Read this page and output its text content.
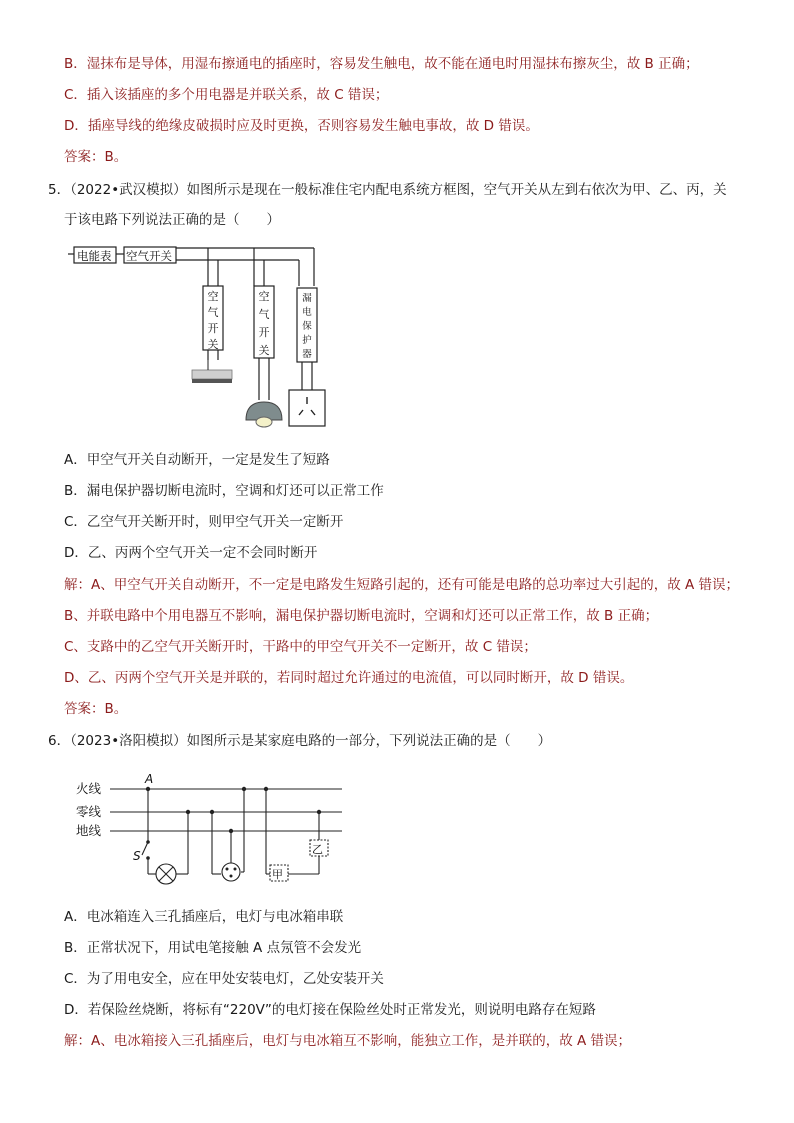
B．湿抹布是导体，用湿布擦通电的插座时，容易发生触电，故不能在通电时用湿抹布擦灰尘，故 B 正确；
C．插入该插座的多个用电器是并联关系，故 C 错误；
D．插座导线的绝缘皮破损时应及时更换，否则容易发生触电事故，故 D 错误。
答案：B。
5．（2022•武汉模拟）如图所示是现在一般标准住宅内配电系统方框图，空气开关从左到右依次为甲、乙、丙，关
于该电路下列说法正确的是（　　）
电能表 空气开关
空
气
开
关
空
气
开
关
漏
电
保
护
器
A．甲空气开关自动断开，一定是发生了短路
B．漏电保护器切断电流时，空调和灯还可以正常工作
C．乙空气开关断开时，则甲空气开关一定断开
D．乙、丙两个空气开关一定不会同时断开
解：A、甲空气开关自动断开，不一定是电路发生短路引起的，还有可能是电路的总功率过大引起的，故 A 错误；
B、并联电路中个用电器互不影响，漏电保护器切断电流时，空调和灯还可以正常工作，故 B 正确；
C、支路中的乙空气开关断开时，干路中的甲空气开关不一定断开，故 C 错误；
D、乙、丙两个空气开关是并联的，若同时超过允许通过的电流值，可以同时断开，故 D 错误。
答案：B。
6．（2023•洛阳模拟）如图所示是某家庭电路的一部分，下列说法正确的是（　　）
火线
零线
地线
A
S
甲
乙
A．电冰箱连入三孔插座后，电灯与电冰箱串联
B．正常状况下，用试电笔接触 A 点氖管不会发光
C．为了用电安全，应在甲处安装电灯，乙处安装开关
D．若保险丝烧断，将标有“220V”的电灯接在保险丝处时正常发光，则说明电路存在短路
解：A、电冰箱接入三孔插座后，电灯与电冰箱互不影响，能独立工作，是并联的，故 A 错误；
